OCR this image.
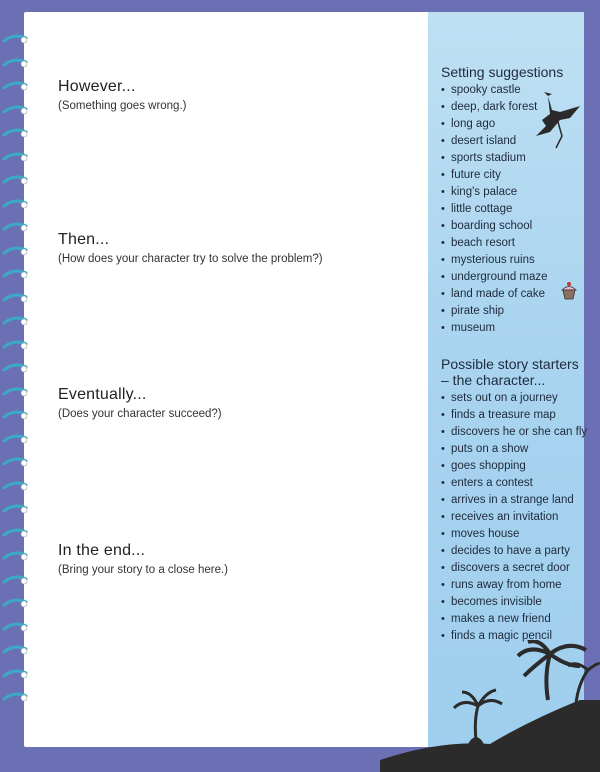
However...
(Something goes wrong.)
Then...
(How does your character try to solve the problem?)
Eventually...
(Does your character succeed?)
In the end...
(Bring your story to a close here.)
Setting suggestions
• spooky castle
• deep, dark forest
• long ago
• desert island
• sports stadium
• future city
• king's palace
• little cottage
• boarding school
• beach resort
• mysterious ruins
• underground maze
• land made of cake
• pirate ship
• museum
Possible story starters
– the character...
• sets out on a journey
• finds a treasure map
• discovers he or she can fly
• puts on a show
• goes shopping
• enters a contest
• arrives in a strange land
• receives an invitation
• moves house
• decides to have a party
• discovers a secret door
• runs away from home
• becomes invisible
• makes a new friend
• finds a magic pencil
